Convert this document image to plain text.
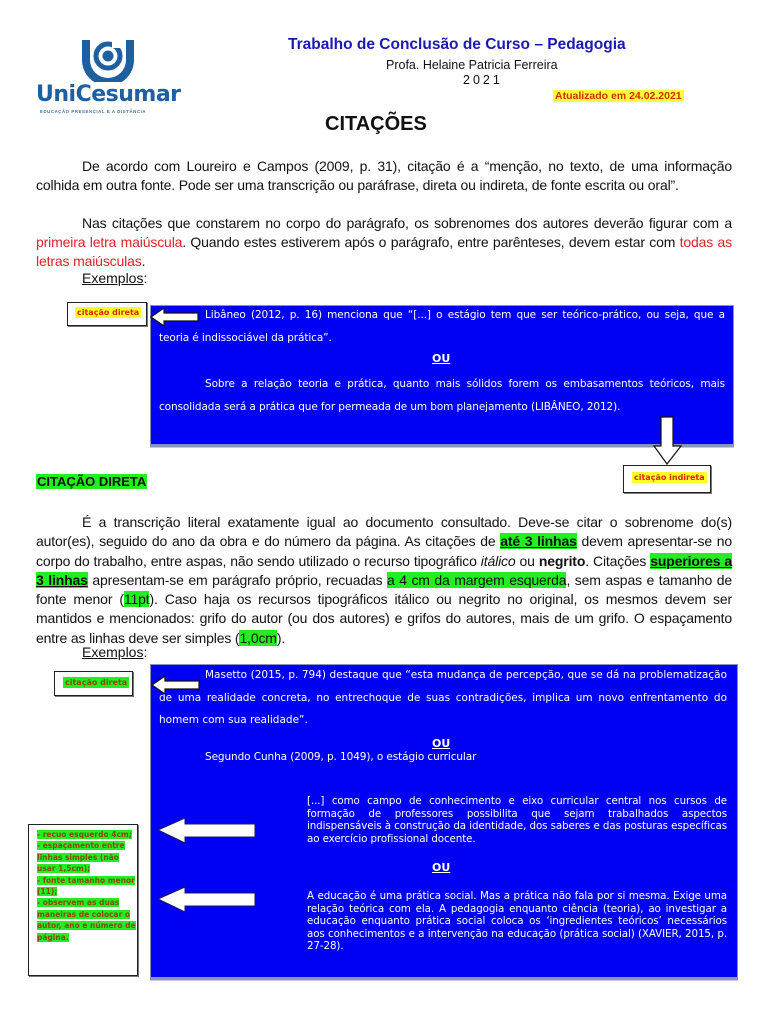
UniCesumar
EDUCAÇÃO PRESENCIAL E A DISTÂNCIA
Trabalho de Conclusão de Curso – Pedagogia
Profa. Helaine Patricia Ferreira
2021
Atualizado em 24.02.2021
CITAÇÕES
De acordo com Loureiro e Campos (2009, p. 31), citação é a “menção, no texto, de uma informação colhida em outra fonte. Pode ser uma transcrição ou paráfrase, direta ou indireta, de fonte escrita ou oral”.
Nas citações que constarem no corpo do parágrafo, os sobrenomes dos autores deverão figurar com a primeira letra maiúscula. Quando estes estiverem após o parágrafo, entre parênteses, devem estar com todas as letras maiúsculas.
Exemplos:
citação direta	Libâneo (2012, p. 16) menciona que “[...] o estágio tem que ser teórico-prático, ou seja, que a teoria é indissociável da prática”.
OU
Sobre a relação teoria e prática, quanto mais sólidos forem os embasamentos teóricos, mais consolidada será a prática que for permeada de um bom planejamento (LIBÂNEO, 2012).
citação indireta
CITAÇÃO DIRETA
É a transcrição literal exatamente igual ao documento consultado. Deve-se citar o sobrenome do(s) autor(es), seguido do ano da obra e do número da página. As citações de até 3 linhas devem apresentar-se no corpo do trabalho, entre aspas, não sendo utilizado o recurso tipográfico itálico ou negrito. Citações superiores a 3 linhas apresentam-se em parágrafo próprio, recuadas a 4 cm da margem esquerda, sem aspas e tamanho de fonte menor (11pt). Caso haja os recursos tipográficos itálico ou negrito no original, os mesmos devem ser mantidos e mencionados: grifo do autor (ou dos autores) e grifos do autores, mais de um grifo. O espaçamento entre as linhas deve ser simples (1,0cm).
Exemplos:
citação direta
Masetto (2015, p. 794) destaque que “esta mudança de percepção, que se dá na problematização de uma realidade concreta, no entrechoque de suas contradições, implica um novo enfrentamento do homem com sua realidade”.
OU
Segundo Cunha (2009, p. 1049), o estágio curricular
[...] como campo de conhecimento e eixo curricular central nos cursos de formação de professores possibilita que sejam trabalhados aspectos indispensáveis à construção da identidade, dos saberes e das posturas específicas ao exercício profissional docente.
OU
A educação é uma prática social. Mas a prática não fala por si mesma. Exige uma relação teórica com ela. A pedagogia enquanto ciência (teoria), ao investigar a educação enquanto prática social coloca os ‘ingredientes teóricos’ necessários aos conhecimentos e a intervenção na educação (prática social) (XAVIER, 2015, p. 27-28).
- recuo esquerdo 4cm;
- espaçamento entre linhas simples (não usar 1,5cm);
- fonte tamanho menor (11);
- observem as duas maneiras de colocar o autor, ano e número de página.
